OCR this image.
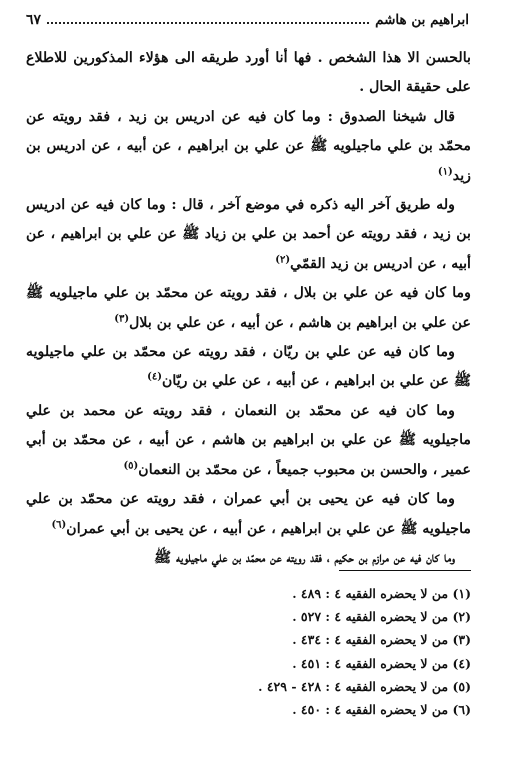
ابراهيم بن هاشم
٦٧

بالحسن الا هذا الشخص . فها أنا أورد طريقه الى هؤلاء المذكورين للاطلاع على حقيقة الحال .

قال شيخنا الصدوق : وما كان فيه عن ادريس بن زيد ، فقد رويته عن محمّد بن علي ماجيلويه ﷺ عن علي بن ابراهيم ، عن أبيه ، عن ادريس بن زيد$^{(١)}$

وله طريق آخر اليه ذكره في موضع آخر ، قال : وما كان فيه عن ادريس بن زيد ، فقد رويته عن أحمد بن علي بن زياد ﷺ عن علي بن ابراهيم ، عن أبيه ، عن ادريس بن زيد القمّي$^{(٢)}$

وما كان فيه عن علي بن بلال ، فقد رويته عن محمّد بن علي ماجيلويه ﷺ عن علي بن ابراهيم بن هاشم ، عن أبيه ، عن علي بن بلال$^{(٣)}$

وما كان فيه عن علي بن ريّان ، فقد رويته عن محمّد بن علي ماجيلويه ﷺ عن علي بن ابراهيم ، عن أبيه ، عن علي بن ريّان$^{(٤)}$

وما كان فيه عن محمّد بن النعمان ، فقد رويته عن محمد بن علي ماجيلويه ﷺ عن علي بن ابراهيم بن هاشم ، عن أبيه ، عن محمّد بن أبي عمير ، والحسن بن محبوب جميعاً ، عن محمّد بن النعمان$^{(٥)}$

وما كان فيه عن يحيى بن أبي عمران ، فقد رويته عن محمّد بن علي ماجيلويه ﷺ عن علي بن ابراهيم ، عن أبيه ، عن يحيى بن أبي عمران$^{(٦)}$

وما كان فيه عن مرازم بن حكيم ، فقد رويته عن محمّد بن علي ماجيلويه ﷺ

(١) من لا يحضره الفقيه ٤ : ٤٨٩ .
(٢) من لا يحضره الفقيه ٤ : ٥٢٧ .
(٣) من لا يحضره الفقيه ٤ : ٤٣٤ .
(٤) من لا يحضره الفقيه ٤ : ٤٥١ .
(٥) من لا يحضره الفقيه ٤ : ٤٢٨ - ٤٢٩ .
(٦) من لا يحضره الفقيه ٤ : ٤٥٠ .
